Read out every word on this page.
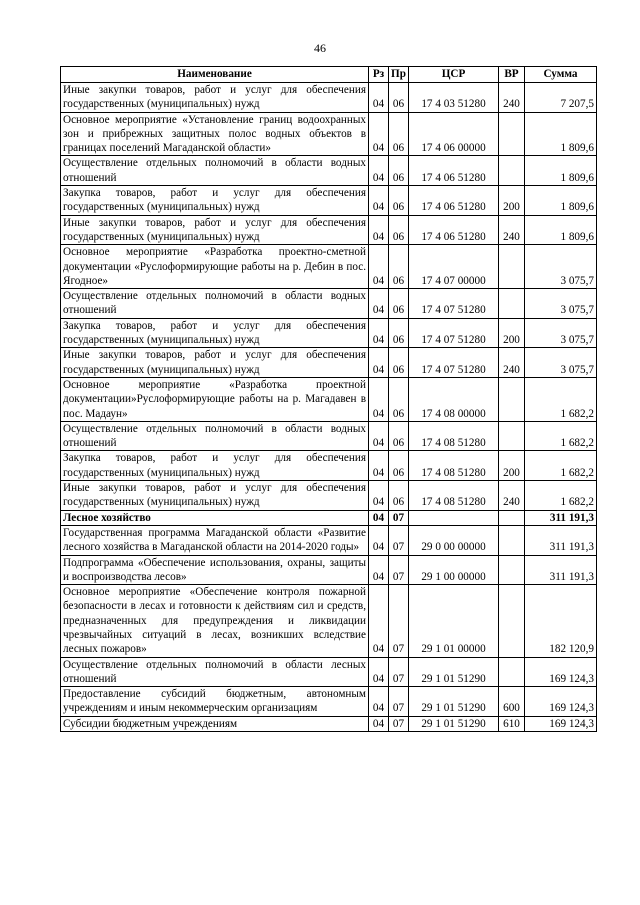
46
Наименование	Рз	Пр	ЦСР	ВР	Сумма
Иные закупки товаров, работ и услуг для обеспечения государственных (муниципальных) нужд	04	06	17 4 03 51280	240	7 207,5
Основное мероприятие «Установление границ водоохранных зон и прибрежных защитных полос водных объектов в границах поселений Магаданской области»	04	06	17 4 06 00000		1 809,6
Осуществление отдельных полномочий в области водных отношений	04	06	17 4 06 51280		1 809,6
Закупка товаров, работ и услуг для обеспечения государственных (муниципальных) нужд	04	06	17 4 06 51280	200	1 809,6
Иные закупки товаров, работ и услуг для обеспечения государственных (муниципальных) нужд	04	06	17 4 06 51280	240	1 809,6
Основное мероприятие «Разработка проектно-сметной документации «Руслоформирующие работы на р. Дебин в пос. Ягодное»	04	06	17 4 07 00000		3 075,7
Осуществление отдельных полномочий в области водных отношений	04	06	17 4 07 51280		3 075,7
Закупка товаров, работ и услуг для обеспечения государственных (муниципальных) нужд	04	06	17 4 07 51280	200	3 075,7
Иные закупки товаров, работ и услуг для обеспечения государственных (муниципальных) нужд	04	06	17 4 07 51280	240	3 075,7
Основное мероприятие «Разработка проектной документации»Руслоформирующие работы на р. Магадавен в пос. Мадаун»	04	06	17 4 08 00000		1 682,2
Осуществление отдельных полномочий в области водных отношений	04	06	17 4 08 51280		1 682,2
Закупка товаров, работ и услуг для обеспечения государственных (муниципальных) нужд	04	06	17 4 08 51280	200	1 682,2
Иные закупки товаров, работ и услуг для обеспечения государственных (муниципальных) нужд	04	06	17 4 08 51280	240	1 682,2
Лесное хозяйство	04	07			311 191,3
Государственная программа Магаданской области «Развитие лесного хозяйства в Магаданской области на 2014-2020 годы»	04	07	29 0 00 00000		311 191,3
Подпрограмма «Обеспечение использования, охраны, защиты и воспроизводства лесов»	04	07	29 1 00 00000		311 191,3
Основное мероприятие «Обеспечение контроля пожарной безопасности в лесах и готовности к действиям сил и средств, предназначенных для предупреждения и ликвидации чрезвычайных ситуаций в лесах, возникших вследствие лесных пожаров»	04	07	29 1 01 00000		182 120,9
Осуществление отдельных полномочий в области лесных отношений	04	07	29 1 01 51290		169 124,3
Предоставление субсидий бюджетным, автономным учреждениям и иным некоммерческим организациям	04	07	29 1 01 51290	600	169 124,3
Субсидии бюджетным учреждениям	04	07	29 1 01 51290	610	169 124,3
